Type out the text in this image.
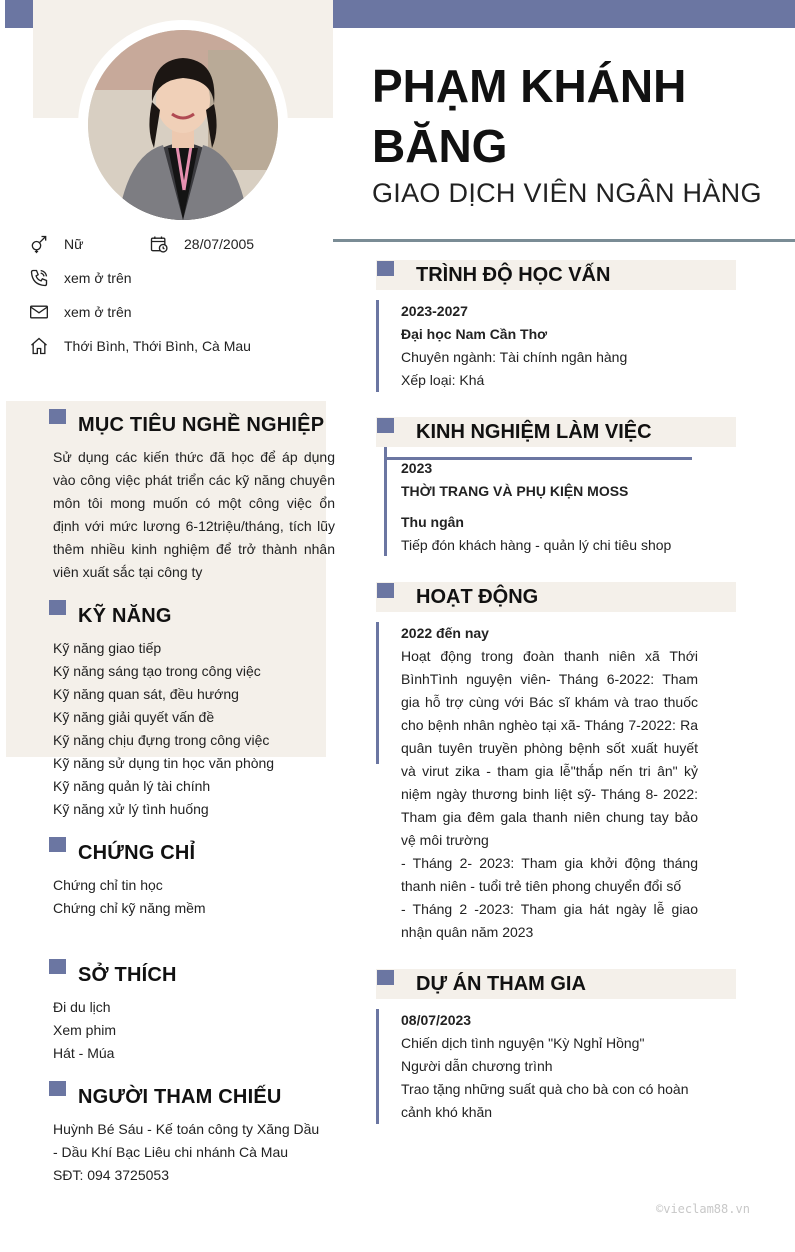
PHẠM KHÁNH BĂNG
GIAO DỊCH VIÊN NGÂN HÀNG
Nữ	28/07/2005
xem ở trên
xem ở trên
Thới Bình, Thới Bình, Cà Mau
MỤC TIÊU NGHỀ NGHIỆP
Sử dụng các kiến thức đã học để áp dụng vào công việc phát triển các kỹ năng chuyên môn tôi mong muốn có một công việc ổn định với mức lương 6-12triệu/tháng, tích lũy thêm nhiều kinh nghiệm để trở thành nhân viên xuất sắc tại công ty
KỸ NĂNG
Kỹ năng giao tiếp
Kỹ năng sáng tạo trong công việc
Kỹ năng quan sát, đều hướng
Kỹ năng giải quyết vấn đề
Kỹ năng chịu đựng trong công việc
Kỹ năng sử dụng tin học văn phòng
Kỹ năng quản lý tài chính
Kỹ năng xử lý tình huống
CHỨNG CHỈ
Chứng chỉ tin học
Chứng chỉ kỹ năng mềm
SỞ THÍCH
Đi du lịch
Xem phim
Hát - Múa
NGƯỜI THAM CHIẾU
Huỳnh Bé Sáu - Kế toán công ty Xăng Dầu - Dầu Khí Bạc Liêu chi nhánh Cà Mau
SĐT: 094 3725053
TRÌNH ĐỘ HỌC VẤN
2023-2027
Đại học Nam Cần Thơ
Chuyên ngành: Tài chính ngân hàng
Xếp loại: Khá
KINH NGHIỆM LÀM VIỆC
2023
THỜI TRANG VÀ PHỤ KIỆN MOSS
Thu ngân
Tiếp đón khách hàng - quản lý chi tiêu shop
HOẠT ĐỘNG
2022 đến nay
Hoạt động trong đoàn thanh niên xã Thới BìnhTình nguyện viên- Tháng 6-2022: Tham gia hỗ trợ cùng với Bác sĩ khám và trao thuốc cho bệnh nhân nghèo tại xã- Tháng 7-2022: Ra quân tuyên truyền phòng bệnh sốt xuất huyết và virut zika - tham gia lễ"thắp nến tri ân" kỷ niệm ngày thương binh liệt sỹ- Tháng 8- 2022: Tham gia đêm gala thanh niên chung tay bảo vệ môi trường
- Tháng 2- 2023: Tham gia khởi động tháng thanh niên - tuổi trẻ tiên phong chuyển đổi số
- Tháng 2 -2023: Tham gia hát ngày lễ giao nhận quân năm 2023
DỰ ÁN THAM GIA
08/07/2023
Chiến dịch tình nguyện "Kỳ Nghỉ Hồng"
Người dẫn chương trình
Trao tặng những suất quà cho bà con có hoàn cảnh khó khăn
©vieclam88.vn
